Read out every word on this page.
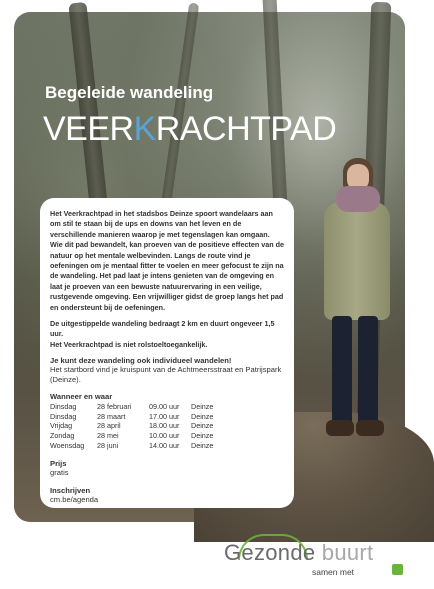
Begeleide wandeling
VEERKRACHTPAD

Het Veerkrachtpad in het stadsbos Deinze spoort wandelaars aan om stil te staan bij de ups en downs van het leven en de verschillende manieren waarop je met tegenslagen kan omgaan. Wie dit pad bewandelt, kan proeven van de positieve effecten van de natuur op het mentale welbevinden. Langs de route vind je oefeningen om je mentaal fitter te voelen en meer gefocust te zijn na de wandeling. Het pad laat je intens genieten van de omgeving en laat je proeven van een bewuste natuurervaring in een veilige, rustgevende omgeving. Een vrijwilliger gidst de groep langs het pad en ondersteunt bij de oefeningen.

De uitgestippelde wandeling bedraagt 2 km en duurt ongeveer 1,5 uur.
Het Veerkrachtpad is niet rolstoeltoegankelijk.

Je kunt deze wandeling ook individueel wandelen!
Het startbord vind je kruispunt van de Achtmeersstraat en Patrijspark (Deinze).
Wanneer en waar
Dinsdag	28 februari	09.00 uur	Deinze
Dinsdag	28 maart	17.00 uur	Deinze
Vrijdag	28 april	18.00 uur	Deinze
Zondag	28 mei	10.00 uur	Deinze
Woensdag	28 juni	14.00 uur	Deinze
Prijs
gratis
Inschrijven
cm.be/agenda
VU: Jan Tronquoy, Dorp-Oost 23, 8800 ROESELARE
Gezonde buurt
samen met
